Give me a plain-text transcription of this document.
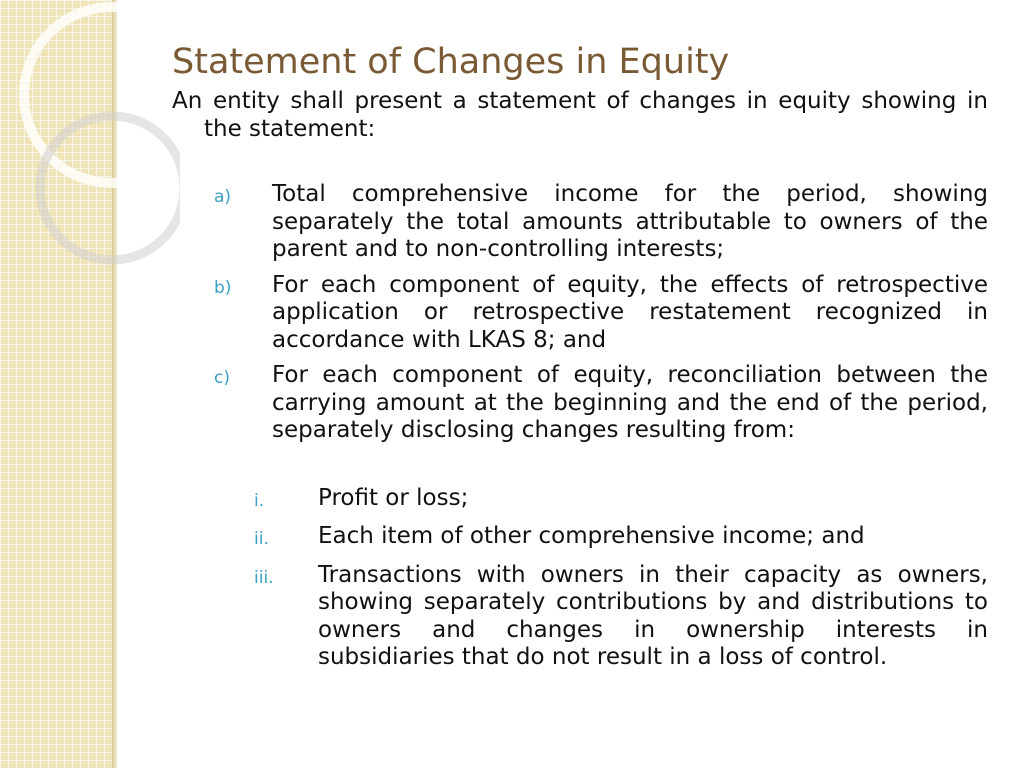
Statement of Changes in Equity

An entity shall present a statement of changes in equity showing in the statement:

a)	Total comprehensive income for the period, showing separately the total amounts attributable to owners of the parent and to non-controlling interests;
b)	For each component of equity, the effects of retrospective application or retrospective restatement recognized in accordance with LKAS 8; and
c)	For each component of equity, reconciliation between the carrying amount at the beginning and the end of the period, separately disclosing changes resulting from:
i.	Profit or loss;
ii.	Each item of other comprehensive income; and
iii.	Transactions with owners in their capacity as owners, showing separately contributions by and distributions to owners and changes in ownership interests in subsidiaries that do not result in a loss of control.
